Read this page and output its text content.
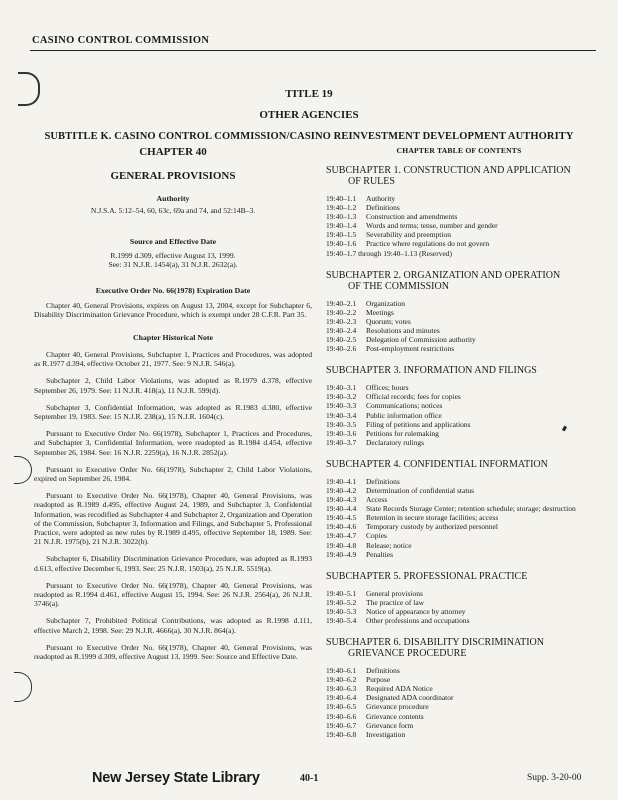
CASINO CONTROL COMMISSION
TITLE 19
OTHER AGENCIES
SUBTITLE K. CASINO CONTROL COMMISSION/CASINO REINVESTMENT DEVELOPMENT AUTHORITY
CHAPTER 40
GENERAL PROVISIONS
Authority

N.J.S.A. 5:12–54, 60, 63c, 69a and 74, and 52:14B–3.

Source and Effective Date

R.1999 d.309, effective August 13, 1999.

See: 31 N.J.R. 1454(a), 31 N.J.R. 2632(a).

Executive Order No. 66(1978) Expiration Date

Chapter 40, General Provisions, expires on August 13, 2004, except for Subchapter 6, Disability Discrimination Grievance Procedure, which is exempt under 28 C.F.R. Part 35.

Chapter Historical Note

Chapter 40, General Provisions, Subchapter 1, Practices and Procedures, was adopted as R.1977 d.394, effective October 21, 1977. See: 9 N.J.R. 546(a).

Subchapter 2, Child Labor Violations, was adopted as R.1979 d.378, effective September 26, 1979. See: 11 N.J.R. 418(a), 11 N.J.R. 599(d).

Subchapter 3, Confidential Information, was adopted as R.1983 d.380, effective September 19, 1983. See: 15 N.J.R. 238(a), 15 N.J.R. 1604(c).

Pursuant to Executive Order No. 66(1978), Subchapter 1, Practices and Procedures, and Subchapter 3, Confidential Information, were readopted as R.1984 d.454, effective September 26, 1984. See: 16 N.J.R. 2259(a), 16 N.J.R. 2852(a).

Pursuant to Executive Order No. 66(1978), Subchapter 2, Child Labor Violations, expired on September 26, 1984.

Pursuant to Executive Order No. 66(1978), Chapter 40, General Provisions, was readopted as R.1989 d.495, effective August 24, 1989, and Subchapter 3, Confidential Information, was recodified as Subchapter 4 and Subchapter 2, Organization and Operation of the Commission, Subchapter 3, Information and Filings, and Subchapter 5, Professional Practice, were adopted as new rules by R.1989 d.495, effective September 18, 1989. See: 21 N.J.R. 1975(b), 21 N.J.R. 3022(b).

Subchapter 6, Disability Discrimination Grievance Procedure, was adopted as R.1993 d.613, effective December 6, 1993. See: 25 N.J.R. 1503(a), 25 N.J.R. 5519(a).

Pursuant to Executive Order No. 66(1978), Chapter 40, General Provisions, was readopted as R.1994 d.461, effective August 15, 1994. See: 26 N.J.R. 2564(a), 26 N.J.R. 3746(a).

Subchapter 7, Prohibited Political Contributions, was adopted as R.1998 d.111, effective March 2, 1998. See: 29 N.J.R. 4666(a), 30 N.J.R. 864(a).

Pursuant to Executive Order No. 66(1978), Chapter 40, General Provisions, was readopted as R.1999 d.309, effective August 13, 1999. See: Source and Effective Date.

CHAPTER TABLE OF CONTENTS
SUBCHAPTER 1. CONSTRUCTION AND APPLICATION
OF RULES
19:40–1.1	Authority
19:40–1.2	Definitions
19:40–1.3	Construction and amendments
19:40–1.4	Words and terms; tense, number and gender
19:40–1.5	Severability and preemption
19:40–1.6	Practice where regulations do not govern
19:40–1.7 through 19:40–1.13 (Reserved)
SUBCHAPTER 2. ORGANIZATION AND OPERATION
OF THE COMMISSION
19:40–2.1	Organization
19:40–2.2	Meetings
19:40–2.3	Quorum; votes
19:40–2.4	Resolutions and minutes
19:40–2.5	Delegation of Commission authority
19:40–2.6	Post-employment restrictions
SUBCHAPTER 3. INFORMATION AND FILINGS
19:40–3.1	Offices; hours
19:40–3.2	Official records; fees for copies
19:40–3.3	Communications; notices
19:40–3.4	Public information office
19:40–3.5	Filing of petitions and applications
19:40–3.6	Petitions for rulemaking
19:40–3.7	Declaratory rulings
SUBCHAPTER 4. CONFIDENTIAL INFORMATION
19:40–4.1	Definitions
19:40–4.2	Determination of confidential status
19:40–4.3	Access
19:40–4.4	State Records Storage Center; retention schedule; storage; destruction
19:40–4.5	Retention in secure storage facilities; access
19:40–4.6	Temporary custody by authorized personnel
19:40–4.7	Copies
19:40–4.8	Release; notice
19:40–4.9	Penalties
SUBCHAPTER 5. PROFESSIONAL PRACTICE
19:40–5.1	General provisions
19:40–5.2	The practice of law
19:40–5.3	Notice of appearance by attorney
19:40–5.4	Other professions and occupations
SUBCHAPTER 6. DISABILITY DISCRIMINATION
GRIEVANCE PROCEDURE
19:40–6.1	Definitions
19:40–6.2	Purpose
19:40–6.3	Required ADA Notice
19:40–6.4	Designated ADA coordinator
19:40–6.5	Grievance procedure
19:40–6.6	Grievance contents
19:40–6.7	Grievance form
19:40–6.8	Investigation
New Jersey State Library	40-1	Supp. 3-20-00
